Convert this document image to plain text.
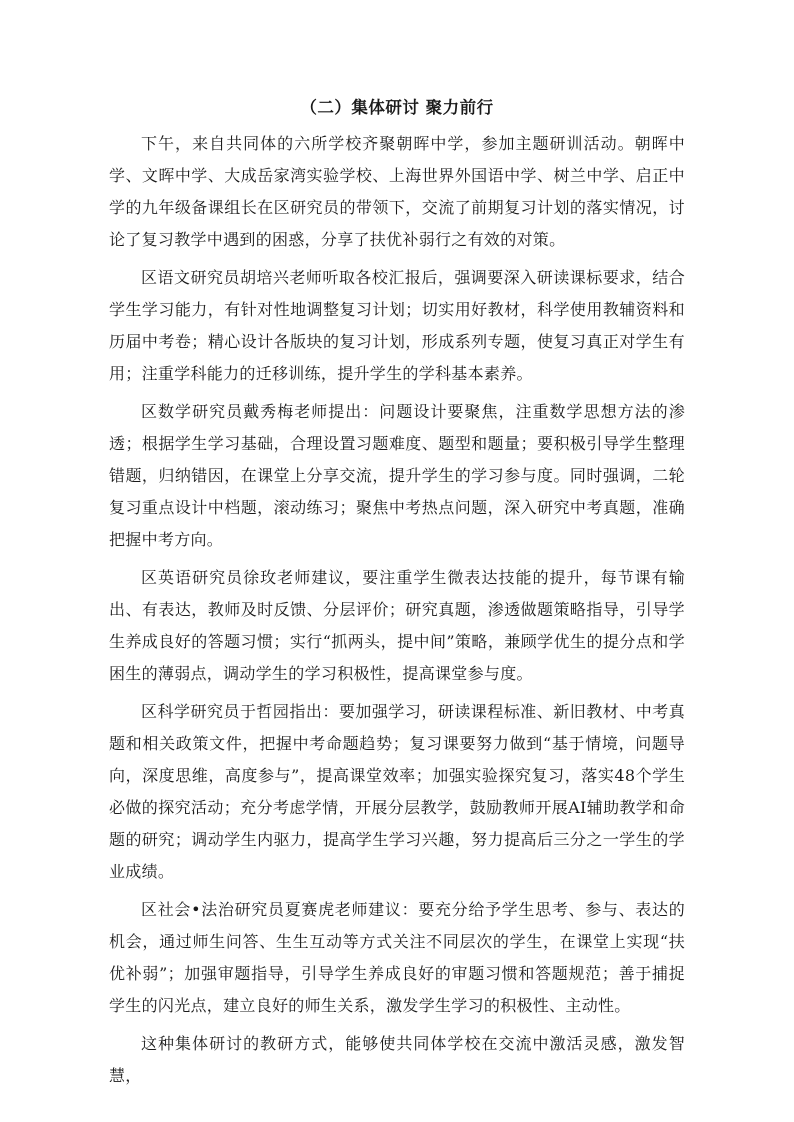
（二）集体研讨 聚力前行

下午，来自共同体的六所学校齐聚朝晖中学，参加主题研训活动。朝晖中学、文晖中学、大成岳家湾实验学校、上海世界外国语中学、树兰中学、启正中学的九年级备课组长在区研究员的带领下，交流了前期复习计划的落实情况，讨论了复习教学中遇到的困惑，分享了扶优补弱行之有效的对策。

区语文研究员胡培兴老师听取各校汇报后，强调要深入研读课标要求，结合学生学习能力，有针对性地调整复习计划；切实用好教材，科学使用教辅资料和历届中考卷；精心设计各版块的复习计划，形成系列专题，使复习真正对学生有用；注重学科能力的迁移训练，提升学生的学科基本素养。

区数学研究员戴秀梅老师提出：问题设计要聚焦，注重数学思想方法的渗透；根据学生学习基础，合理设置习题难度、题型和题量；要积极引导学生整理错题，归纳错因，在课堂上分享交流，提升学生的学习参与度。同时强调，二轮复习重点设计中档题，滚动练习；聚焦中考热点问题，深入研究中考真题，准确把握中考方向。

区英语研究员徐玫老师建议，要注重学生微表达技能的提升，每节课有输出、有表达，教师及时反馈、分层评价；研究真题，渗透做题策略指导，引导学生养成良好的答题习惯；实行“抓两头，提中间”策略，兼顾学优生的提分点和学困生的薄弱点，调动学生的学习积极性，提高课堂参与度。

区科学研究员于哲园指出：要加强学习，研读课程标准、新旧教材、中考真题和相关政策文件，把握中考命题趋势；复习课要努力做到“基于情境，问题导向，深度思维，高度参与”，提高课堂效率；加强实验探究复习，落实48个学生必做的探究活动；充分考虑学情，开展分层教学，鼓励教师开展AI辅助教学和命题的研究；调动学生内驱力，提高学生学习兴趣，努力提高后三分之一学生的学业成绩。

区社会•法治研究员夏赛虎老师建议：要充分给予学生思考、参与、表达的机会，通过师生问答、生生互动等方式关注不同层次的学生，在课堂上实现“扶优补弱”；加强审题指导，引导学生养成良好的审题习惯和答题规范；善于捕捉学生的闪光点，建立良好的师生关系，激发学生学习的积极性、主动性。

这种集体研讨的教研方式，能够使共同体学校在交流中激活灵感，激发智慧，
